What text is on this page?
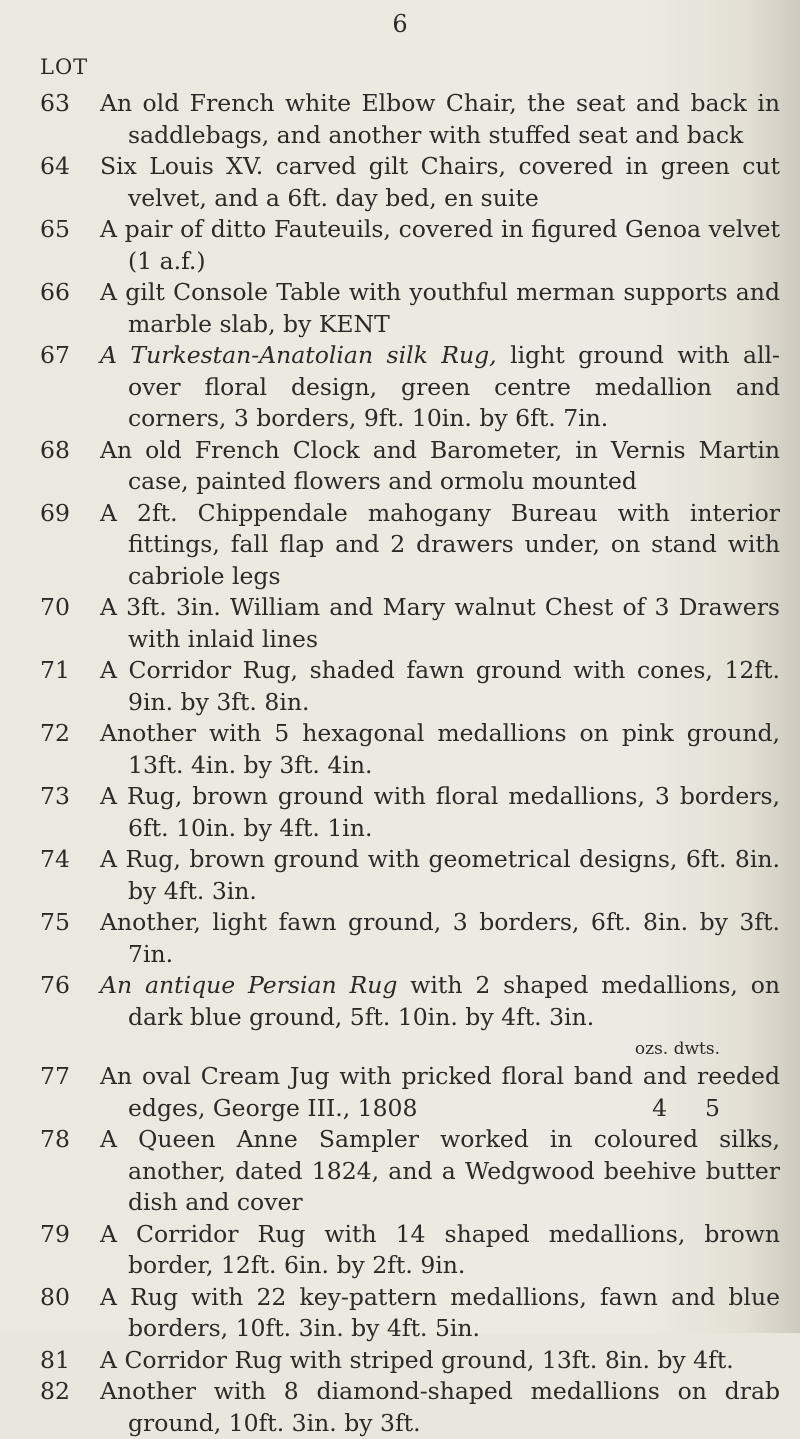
6
LOT
63	An old French white Elbow Chair, the seat and back in saddlebags, and another with stuffed seat and back
64	Six Louis XV. carved gilt Chairs, covered in green cut velvet, and a 6ft. day bed, en suite
65	A pair of ditto Fauteuils, covered in figured Genoa velvet (1 a.f.)
66	A gilt Console Table with youthful merman supports and marble slab, by KENT
67	A Turkestan-Anatolian silk Rug, light ground with all-over floral design, green centre medallion and corners, 3 borders, 9ft. 10in. by 6ft. 7in.
68	An old French Clock and Barometer, in Vernis Martin case, painted flowers and ormolu mounted
69	A 2ft. Chippendale mahogany Bureau with interior fittings, fall flap and 2 drawers under, on stand with cabriole legs
70	A 3ft. 3in. William and Mary walnut Chest of 3 Drawers with inlaid lines
71	A Corridor Rug, shaded fawn ground with cones, 12ft. 9in. by 3ft. 8in.
72	Another with 5 hexagonal medallions on pink ground, 13ft. 4in. by 3ft. 4in.
73	A Rug, brown ground with floral medallions, 3 borders, 6ft. 10in. by 4ft. 1in.
74	A Rug, brown ground with geometrical designs, 6ft. 8in. by 4ft. 3in.
75	Another, light fawn ground, 3 borders, 6ft. 8in. by 3ft. 7in.
76	An antique Persian Rug with 2 shaped medallions, on dark blue ground, 5ft. 10in. by 4ft. 3in.
ozs. dwts.
77	An oval Cream Jug with pricked floral band and reeded edges, George III., 1808	4 5
78	A Queen Anne Sampler worked in coloured silks, another, dated 1824, and a Wedgwood beehive butter dish and cover
79	A Corridor Rug with 14 shaped medallions, brown border, 12ft. 6in. by 2ft. 9in.
80	A Rug with 22 key-pattern medallions, fawn and blue borders, 10ft. 3in. by 4ft. 5in.
81	A Corridor Rug with striped ground, 13ft. 8in. by 4ft.
82	Another with 8 diamond-shaped medallions on drab ground, 10ft. 3in. by 3ft.
